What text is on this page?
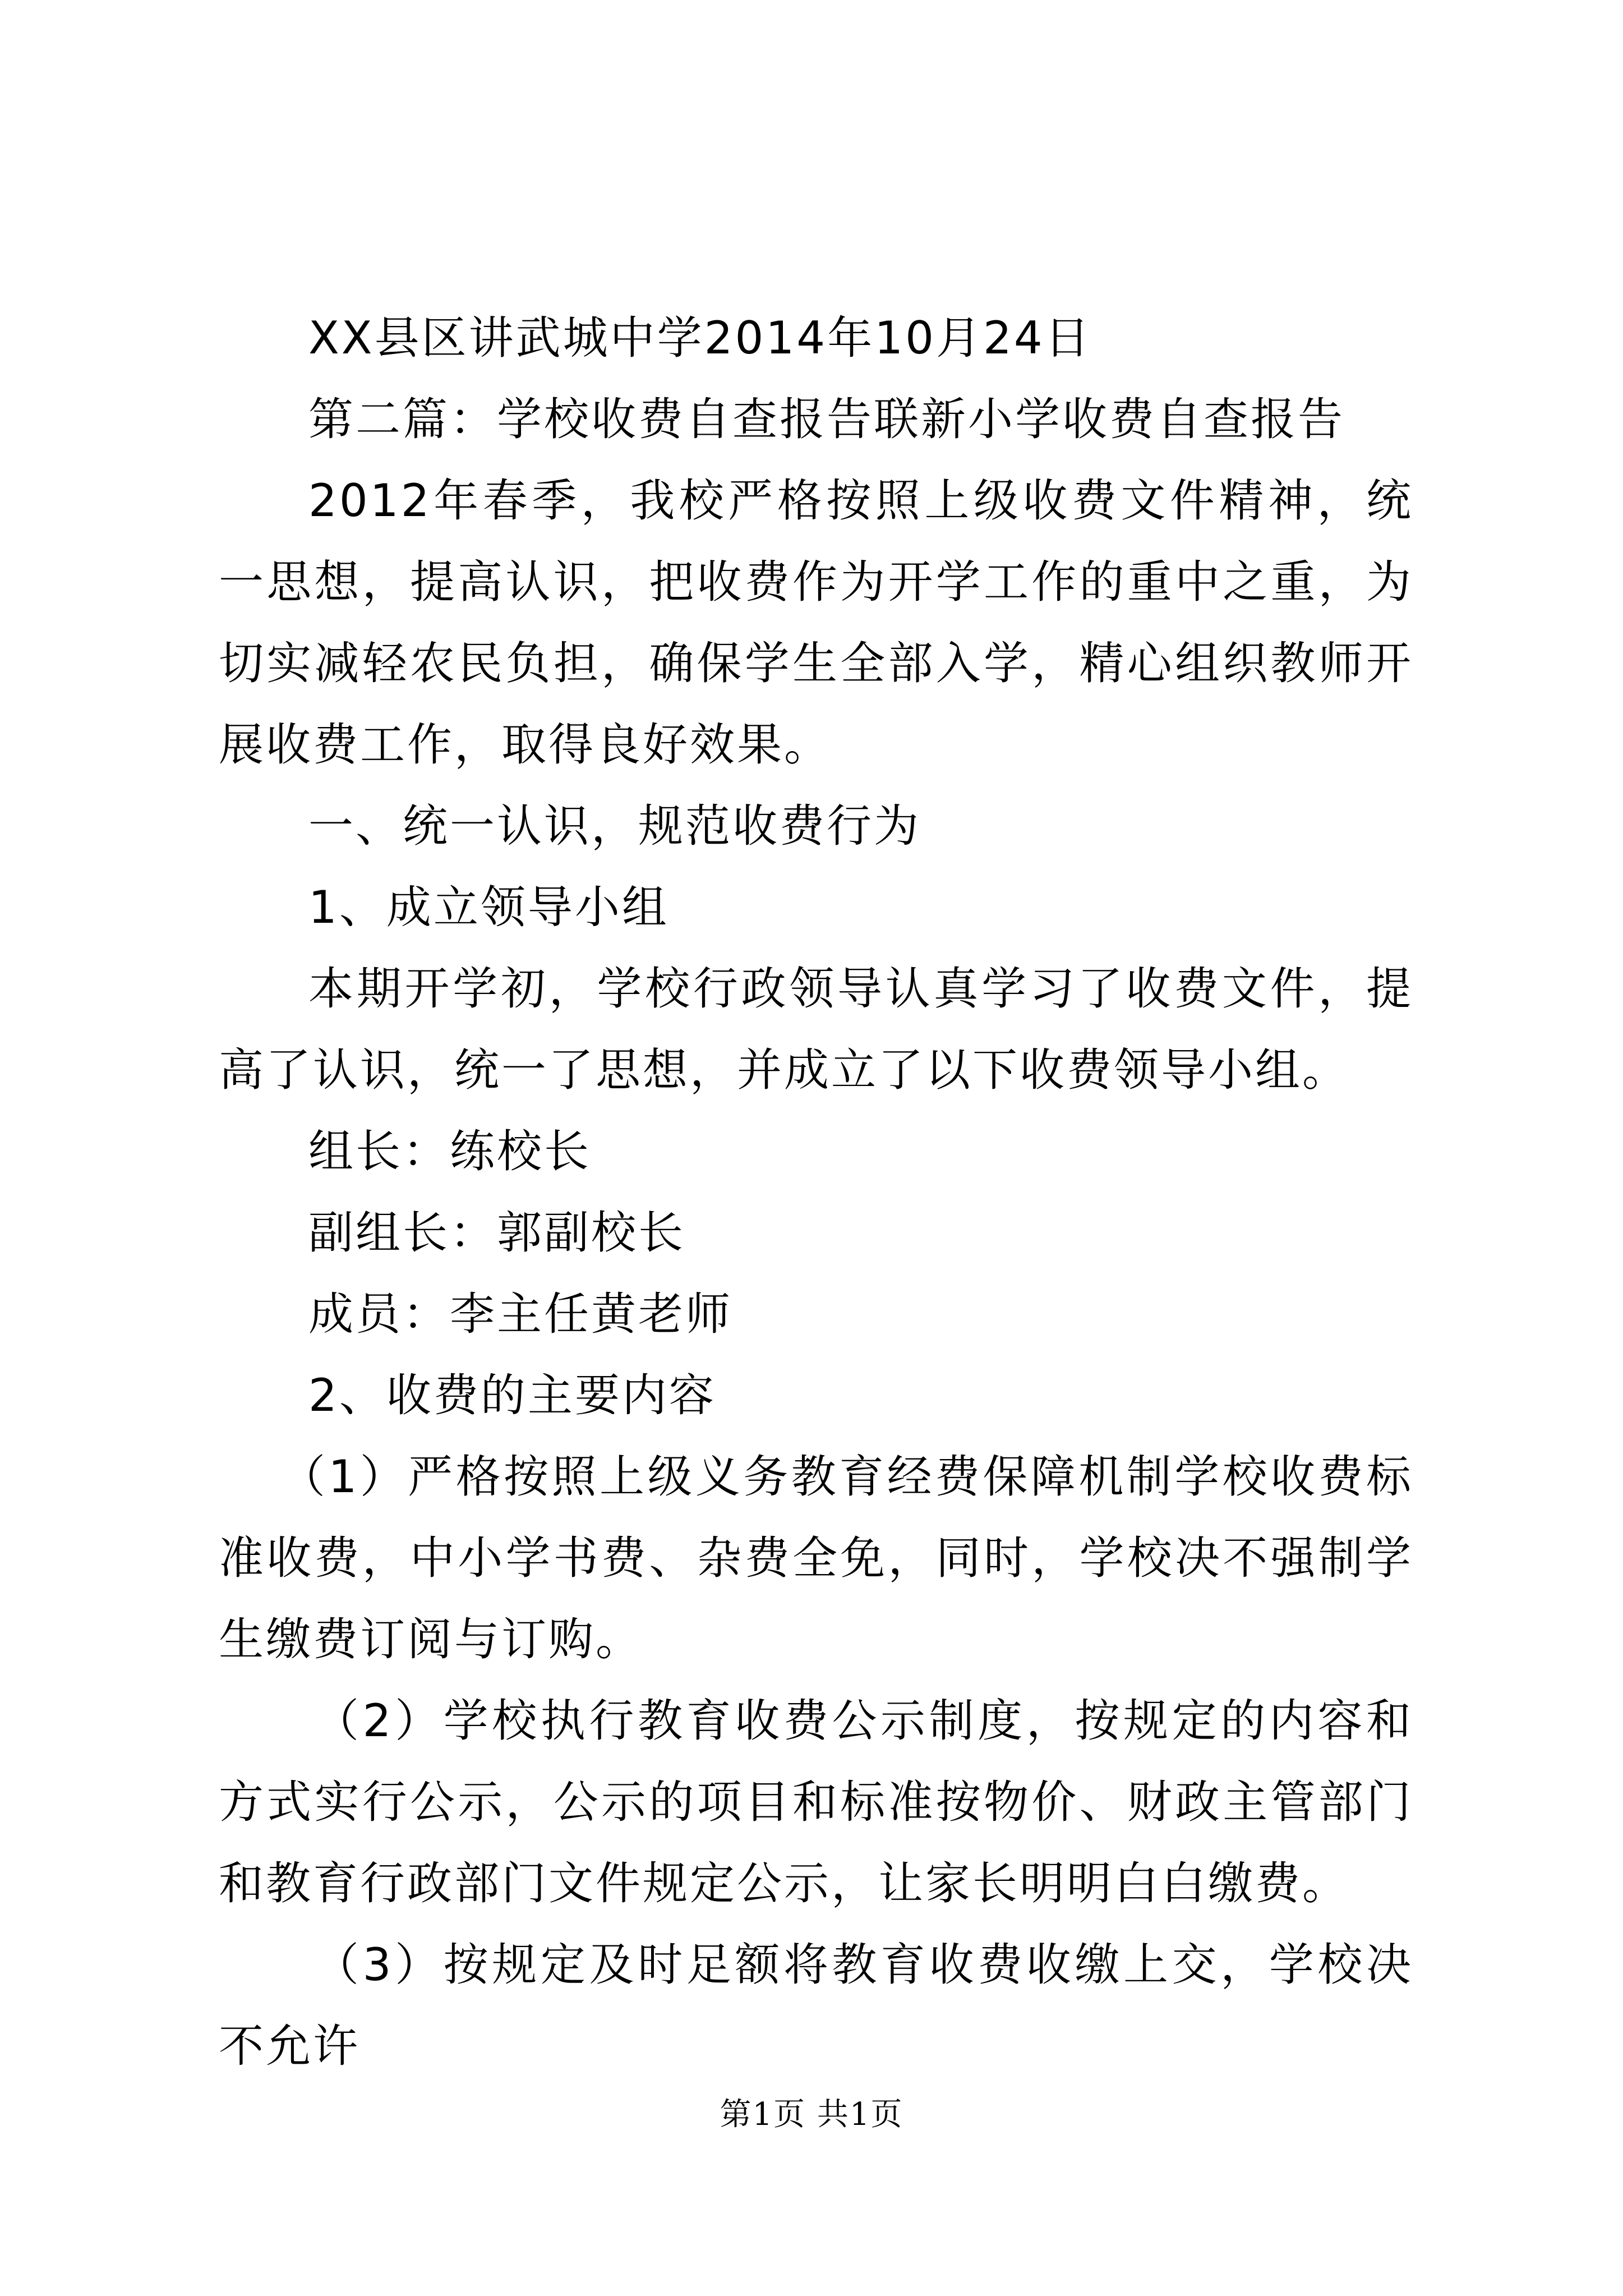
XX县区讲武城中学2014年10月24日

第二篇：学校收费自查报告联新小学收费自查报告

2012年春季，我校严格按照上级收费文件精神，统一思想，提高认识，把收费作为开学工作的重中之重，为切实减轻农民负担，确保学生全部入学，精心组织教师开展收费工作，取得良好效果。

一、统一认识，规范收费行为

1、成立领导小组

本期开学初，学校行政领导认真学习了收费文件，提高了认识，统一了思想，并成立了以下收费领导小组。

组长：练校长

副组长：郭副校长

成员：李主任黄老师

2、收费的主要内容

（1）严格按照上级义务教育经费保障机制学校收费标准收费，中小学书费、杂费全免，同时，学校决不强制学生缴费订阅与订购。

（2）学校执行教育收费公示制度，按规定的内容和方式实行公示，公示的项目和标准按物价、财政主管部门和教育行政部门文件规定公示，让家长明明白白缴费。

（3）按规定及时足额将教育收费收缴上交，学校决不允许

第1页 共1页
